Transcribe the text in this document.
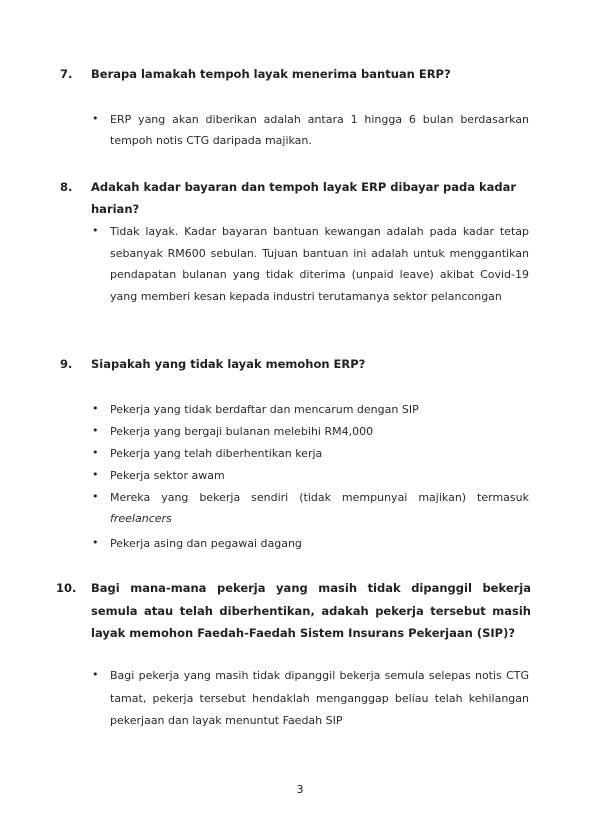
7. Berapa lamakah tempoh layak menerima bantuan ERP?
• ERP yang akan diberikan adalah antara 1 hingga 6 bulan berdasarkan tempoh notis CTG daripada majikan.
8. Adakah kadar bayaran dan tempoh layak ERP dibayar pada kadar harian?
• Tidak layak. Kadar bayaran bantuan kewangan adalah pada kadar tetap sebanyak RM600 sebulan. Tujuan bantuan ini adalah untuk menggantikan pendapatan bulanan yang tidak diterima (unpaid leave) akibat Covid-19 yang memberi kesan kepada industri terutamanya sektor pelancongan
9. Siapakah yang tidak layak memohon ERP?
• Pekerja yang tidak berdaftar dan mencarum dengan SIP
• Pekerja yang bergaji bulanan melebihi RM4,000
• Pekerja yang telah diberhentikan kerja
• Pekerja sektor awam
• Mereka yang bekerja sendiri (tidak mempunyai majikan) termasuk
freelancers
• Pekerja asing dan pegawai dagang
10. Bagi mana-mana pekerja yang masih tidak dipanggil bekerja semula atau telah diberhentikan, adakah pekerja tersebut masih layak memohon Faedah-Faedah Sistem Insurans Pekerjaan (SIP)?
• Bagi pekerja yang masih tidak dipanggil bekerja semula selepas notis CTG tamat, pekerja tersebut hendaklah menganggap beliau telah kehilangan pekerjaan dan layak menuntut Faedah SIP
3
